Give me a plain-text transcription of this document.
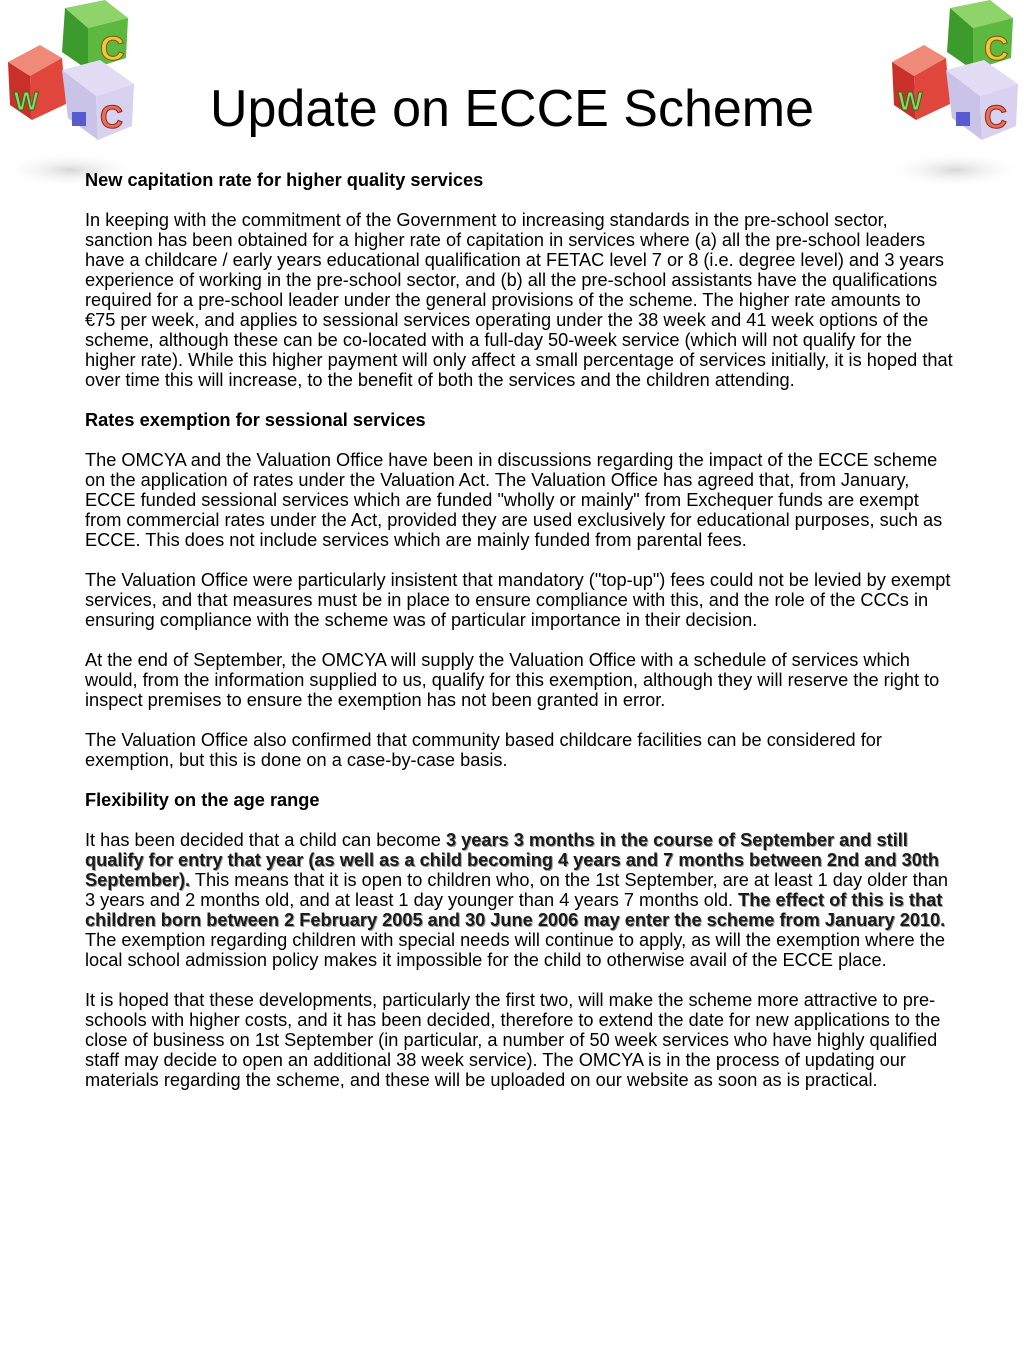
C
W C
C
W C
Update on ECCE Scheme
New capitation rate for higher quality services

In keeping with the commitment of the Government to increasing standards in the pre-school sector, sanction has been obtained for a higher rate of capitation in services where (a) all the pre-school leaders have a childcare / early years educational qualification at FETAC level 7 or 8 (i.e. degree level) and 3 years experience of working in the pre-school sector, and (b) all the pre-school assistants have the qualifications required for a pre-school leader under the general provisions of the scheme. The higher rate amounts to €75 per week, and applies to sessional services operating under the 38 week and 41 week options of the scheme, although these can be co-located with a full-day 50-week service (which will not qualify for the higher rate). While this higher payment will only affect a small percentage of services initially, it is hoped that over time this will increase, to the benefit of both the services and the children attending.

Rates exemption for sessional services

The OMCYA and the Valuation Office have been in discussions regarding the impact of the ECCE scheme on the application of rates under the Valuation Act. The Valuation Office has agreed that, from January, ECCE funded sessional services which are funded "wholly or mainly" from Exchequer funds are exempt from commercial rates under the Act, provided they are used exclusively for educational purposes, such as ECCE. This does not include services which are mainly funded from parental fees.

The Valuation Office were particularly insistent that mandatory ("top-up") fees could not be levied by exempt services, and that measures must be in place to ensure compliance with this, and the role of the CCCs in ensuring compliance with the scheme was of particular importance in their decision.

At the end of September, the OMCYA will supply the Valuation Office with a schedule of services which would, from the information supplied to us, qualify for this exemption, although they will reserve the right to inspect premises to ensure the exemption has not been granted in error.

The Valuation Office also confirmed that community based childcare facilities can be considered for exemption, but this is done on a case-by-case basis.

Flexibility on the age range

It has been decided that a child can become 3 years 3 months in the course of September and still qualify for entry that year (as well as a child becoming 4 years and 7 months between 2nd and 30th September). This means that it is open to children who, on the 1st September, are at least 1 day older than 3 years and 2 months old, and at least 1 day younger than 4 years 7 months old. The effect of this is that children born between 2 February 2005 and 30 June 2006 may enter the scheme from January 2010. The exemption regarding children with special needs will continue to apply, as will the exemption where the local school admission policy makes it impossible for the child to otherwise avail of the ECCE place.

It is hoped that these developments, particularly the first two, will make the scheme more attractive to pre-schools with higher costs, and it has been decided, therefore to extend the date for new applications to the close of business on 1st September (in particular, a number of 50 week services who have highly qualified staff may decide to open an additional 38 week service). The OMCYA is in the process of updating our materials regarding the scheme, and these will be uploaded on our website as soon as is practical.
